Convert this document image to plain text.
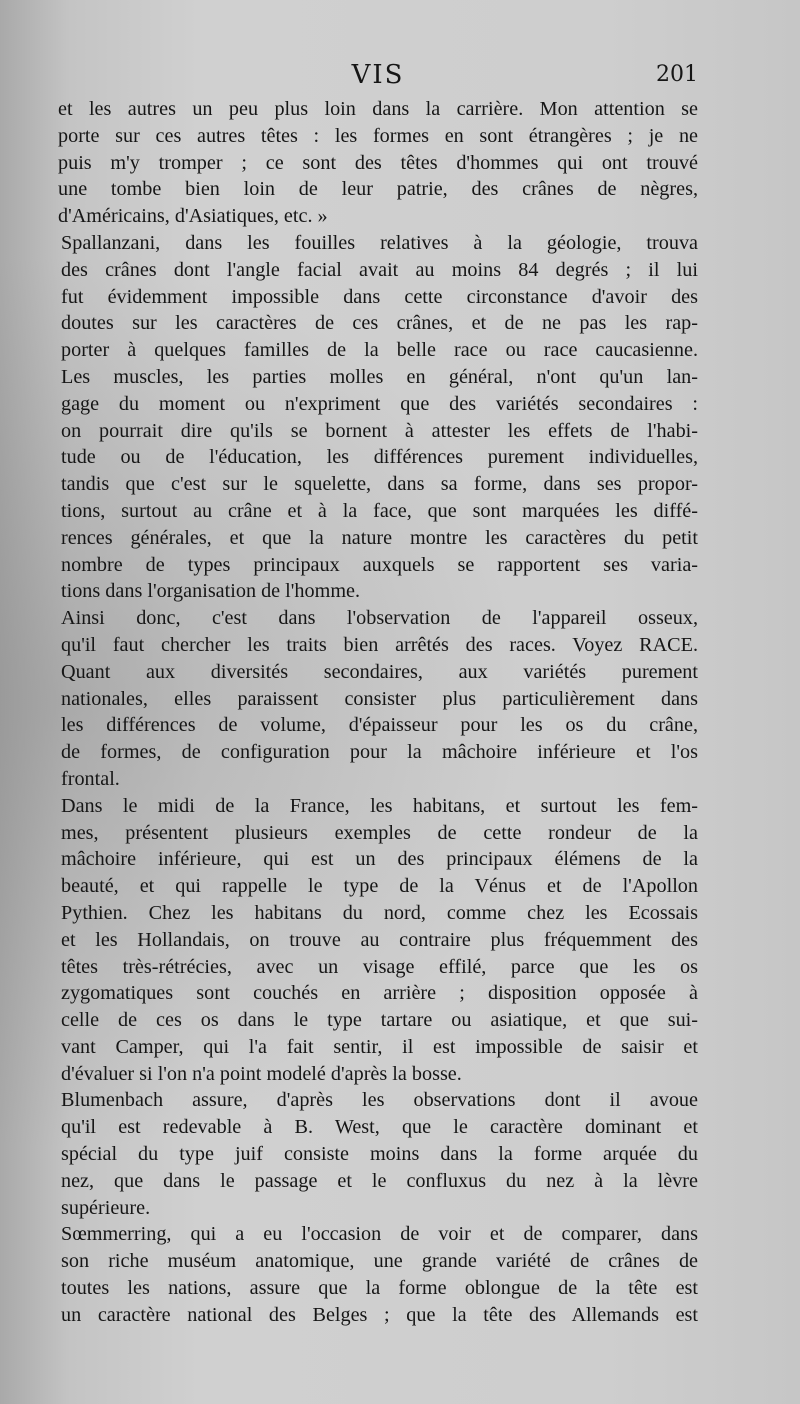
VIS	201

et les autres un peu plus loin dans la carrière. Mon attention se
porte sur ces autres têtes : les formes en sont étrangères ; je ne
puis m'y tromper ; ce sont des têtes d'hommes qui ont trouvé
une tombe bien loin de leur patrie, des crânes de nègres,
d'Américains, d'Asiatiques, etc. »

Spallanzani, dans les fouilles relatives à la géologie, trouva
des crânes dont l'angle facial avait au moins 84 degrés ; il lui
fut évidemment impossible dans cette circonstance d'avoir des
doutes sur les caractères de ces crânes, et de ne pas les rap-
porter à quelques familles de la belle race ou race caucasienne.

Les muscles, les parties molles en général, n'ont qu'un lan-
gage du moment ou n'expriment que des variétés secondaires :
on pourrait dire qu'ils se bornent à attester les effets de l'habi-
tude ou de l'éducation, les différences purement individuelles,
tandis que c'est sur le squelette, dans sa forme, dans ses propor-
tions, surtout au crâne et à la face, que sont marquées les diffé-
rences générales, et que la nature montre les caractères du petit
nombre de types principaux auxquels se rapportent ses varia-
tions dans l'organisation de l'homme.

Ainsi donc, c'est dans l'observation de l'appareil osseux,
qu'il faut chercher les traits bien arrêtés des races. Voyez RACE.

Quant aux diversités secondaires, aux variétés purement
nationales, elles paraissent consister plus particulièrement dans
les différences de volume, d'épaisseur pour les os du crâne,
de formes, de configuration pour la mâchoire inférieure et l'os
frontal.

Dans le midi de la France, les habitans, et surtout les fem-
mes, présentent plusieurs exemples de cette rondeur de la
mâchoire inférieure, qui est un des principaux élémens de la
beauté, et qui rappelle le type de la Vénus et de l'Apollon
Pythien. Chez les habitans du nord, comme chez les Ecossais
et les Hollandais, on trouve au contraire plus fréquemment des
têtes très-rétrécies, avec un visage effilé, parce que les os
zygomatiques sont couchés en arrière ; disposition opposée à
celle de ces os dans le type tartare ou asiatique, et que sui-
vant Camper, qui l'a fait sentir, il est impossible de saisir et
d'évaluer si l'on n'a point modelé d'après la bosse.

Blumenbach assure, d'après les observations dont il avoue
qu'il est redevable à B. West, que le caractère dominant et
spécial du type juif consiste moins dans la forme arquée du
nez, que dans le passage et le confluxus du nez à la lèvre
supérieure.

Sœmmerring, qui a eu l'occasion de voir et de comparer, dans
son riche muséum anatomique, une grande variété de crânes de
toutes les nations, assure que la forme oblongue de la tête est
un caractère national des Belges ; que la tête des Allemands est
